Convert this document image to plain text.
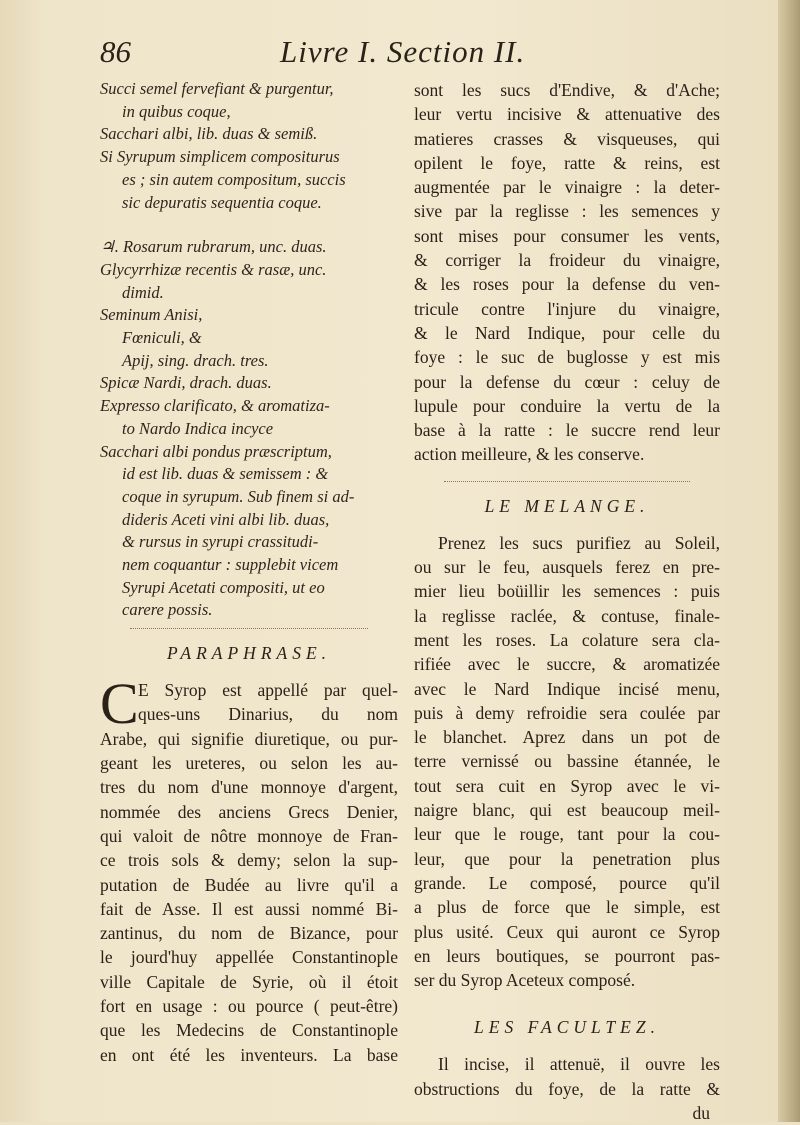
86	Livre I. Section II.
Succi semel fervefiant & purgentur,
in quibus coque,
Sacchari albi, lib. duas & semiß.
Si Syrupum simplicem compositurus
es ; sin autem compositum, succis
sic depuratis sequentia coque.
♃. Rosarum rubrarum, unc. duas.
Glycyrrhizæ recentis & rasæ, unc.
dimid.
Seminum Anisi,
Fœniculi, &
Apij, sing. drach. tres.
Spicæ Nardi, drach. duas.
Expresso clarificato, & aromatiza-
to Nardo Indica incyce
Sacchari albi pondus præscriptum,
id est lib. duas & semissem : &
coque in syrupum. Sub finem si ad-
dideris Aceti vini albi lib. duas,
& rursus in syrupi crassitudi-
nem coquantur : supplebit vicem
Syrupi Acetati compositi, ut eo
carere possis.
PARAPHRASE.
C E Syrop est appellé par quel-
ques-uns Dinarius, du nom
Arabe, qui signifie diuretique, ou pur-
geant les ureteres, ou selon les au-
tres du nom d'une monnoye d'argent,
nommée des anciens Grecs Denier,
qui valoit de nôtre monnoye de Fran-
ce trois sols & demy; selon la sup-
putation de Budée au livre qu'il a
fait de Asse. Il est aussi nommé Bi-
zantinus, du nom de Bizance, pour
le jourd'huy appellée Constantinople
ville Capitale de Syrie, où il étoit
fort en usage : ou pource ( peut-être)
que les Medecins de Constantinople
en ont été les inventeurs. La base
sont les sucs d'Endive, & d'Ache;
leur vertu incisive & attenuative des
matieres crasses & visqueuses, qui
opilent le foye, ratte & reins, est
augmentée par le vinaigre : la deter-
sive par la reglisse : les semences y
sont mises pour consumer les vents,
& corriger la froideur du vinaigre,
& les roses pour la defense du ven-
tricule contre l'injure du vinaigre,
& le Nard Indique, pour celle du
foye : le suc de buglosse y est mis
pour la defense du cœur : celuy de
lupule pour conduire la vertu de la
base à la ratte : le succre rend leur
action meilleure, & les conserve.
LE MELANGE.
Prenez les sucs purifiez au Soleil,
ou sur le feu, ausquels ferez en pre-
mier lieu boüillir les semences : puis
la reglisse raclée, & contuse, finale-
ment les roses. La colature sera cla-
rifiée avec le succre, & aromatizée
avec le Nard Indique incisé menu,
puis à demy refroidie sera coulée par
le blanchet. Aprez dans un pot de
terre vernissé ou bassine étannée, le
tout sera cuit en Syrop avec le vi-
naigre blanc, qui est beaucoup meil-
leur que le rouge, tant pour la cou-
leur, que pour la penetration plus
grande. Le composé, pource qu'il
a plus de force que le simple, est
plus usité. Ceux qui auront ce Syrop
en leurs boutiques, se pourront pas-
ser du Syrop Aceteux composé.
LES FACULTEZ.
Il incise, il attenuë, il ouvre les
obstructions du foye, de la ratte &
du
